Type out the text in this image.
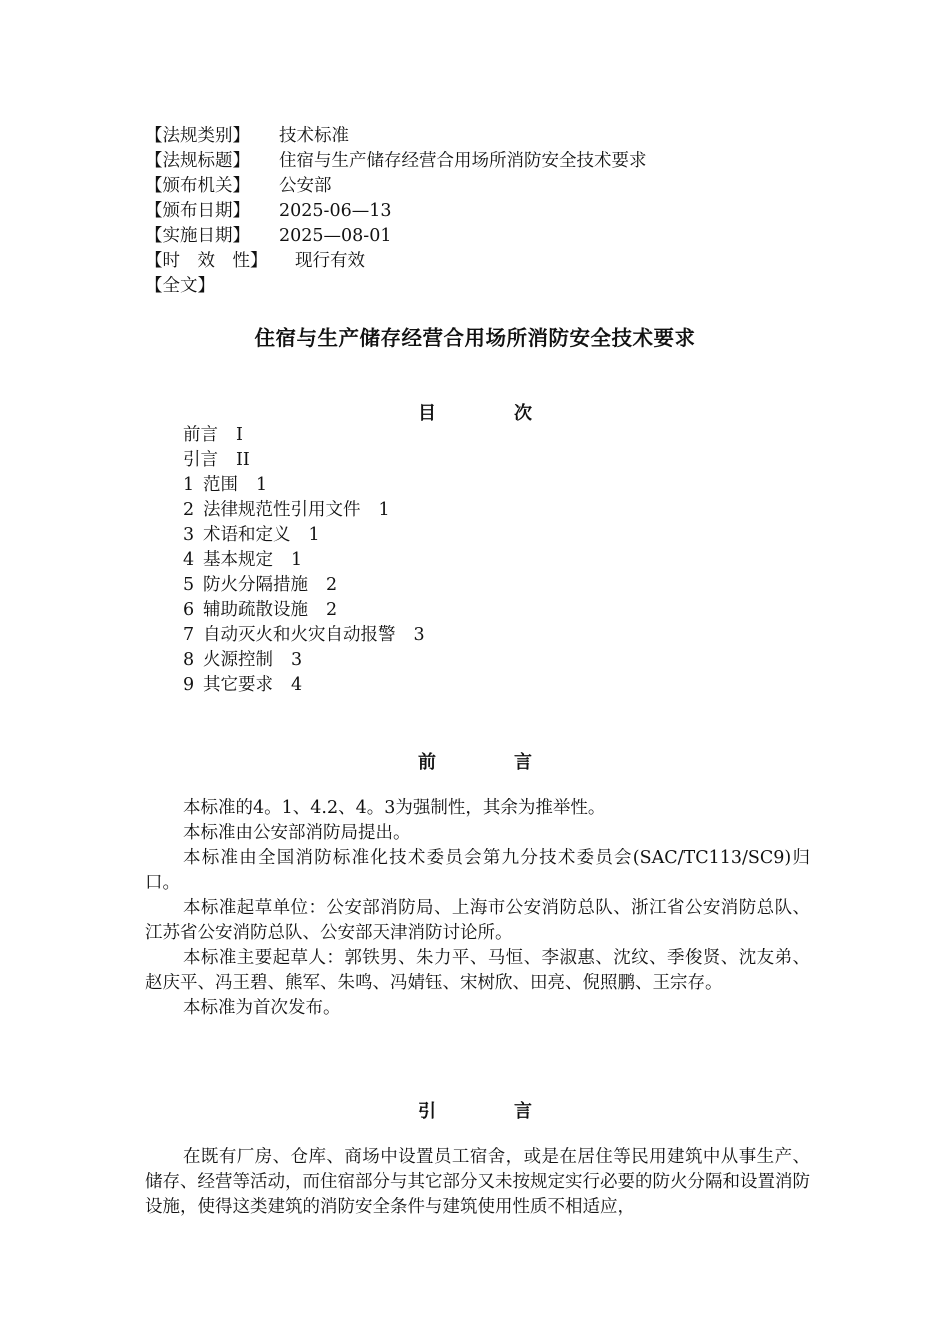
【法规类别】 技术标准
【法规标题】 住宿与生产储存经营合用场所消防安全技术要求
【颁布机关】 公安部
【颁布日期】 2025-06—13
【实施日期】 2025—08-01
【时　效　性】 现行有效
【全文】
住宿与生产储存经营合用场所消防安全技术要求
目	次
前言 I
引言 II
1 范围 1
2 法律规范性引用文件 1
3 术语和定义 1
4 基本规定 1
5 防火分隔措施 2
6 辅助疏散设施 2
7 自动灭火和火灾自动报警 3
8 火源控制 3
9 其它要求 4
前	言

本标准的4。1、4.2、4。3为强制性，其余为推举性。

本标准由公安部消防局提出。

本标准由全国消防标准化技术委员会第九分技术委员会(SAC/TC113/SC9)归口。

本标准起草单位：公安部消防局、上海市公安消防总队、浙江省公安消防总队、江苏省公安消防总队、公安部天津消防讨论所。

本标准主要起草人：郭铁男、朱力平、马恒、李淑惠、沈纹、季俊贤、沈友弟、赵庆平、冯王碧、熊军、朱鸣、冯婧钰、宋树欣、田亮、倪照鹏、王宗存。

本标准为首次发布。

引	言

在既有厂房、仓库、商场中设置员工宿舍，或是在居住等民用建筑中从事生产、储存、经营等活动，而住宿部分与其它部分又未按规定实行必要的防火分隔和设置消防设施，使得这类建筑的消防安全条件与建筑使用性质不相适应，
